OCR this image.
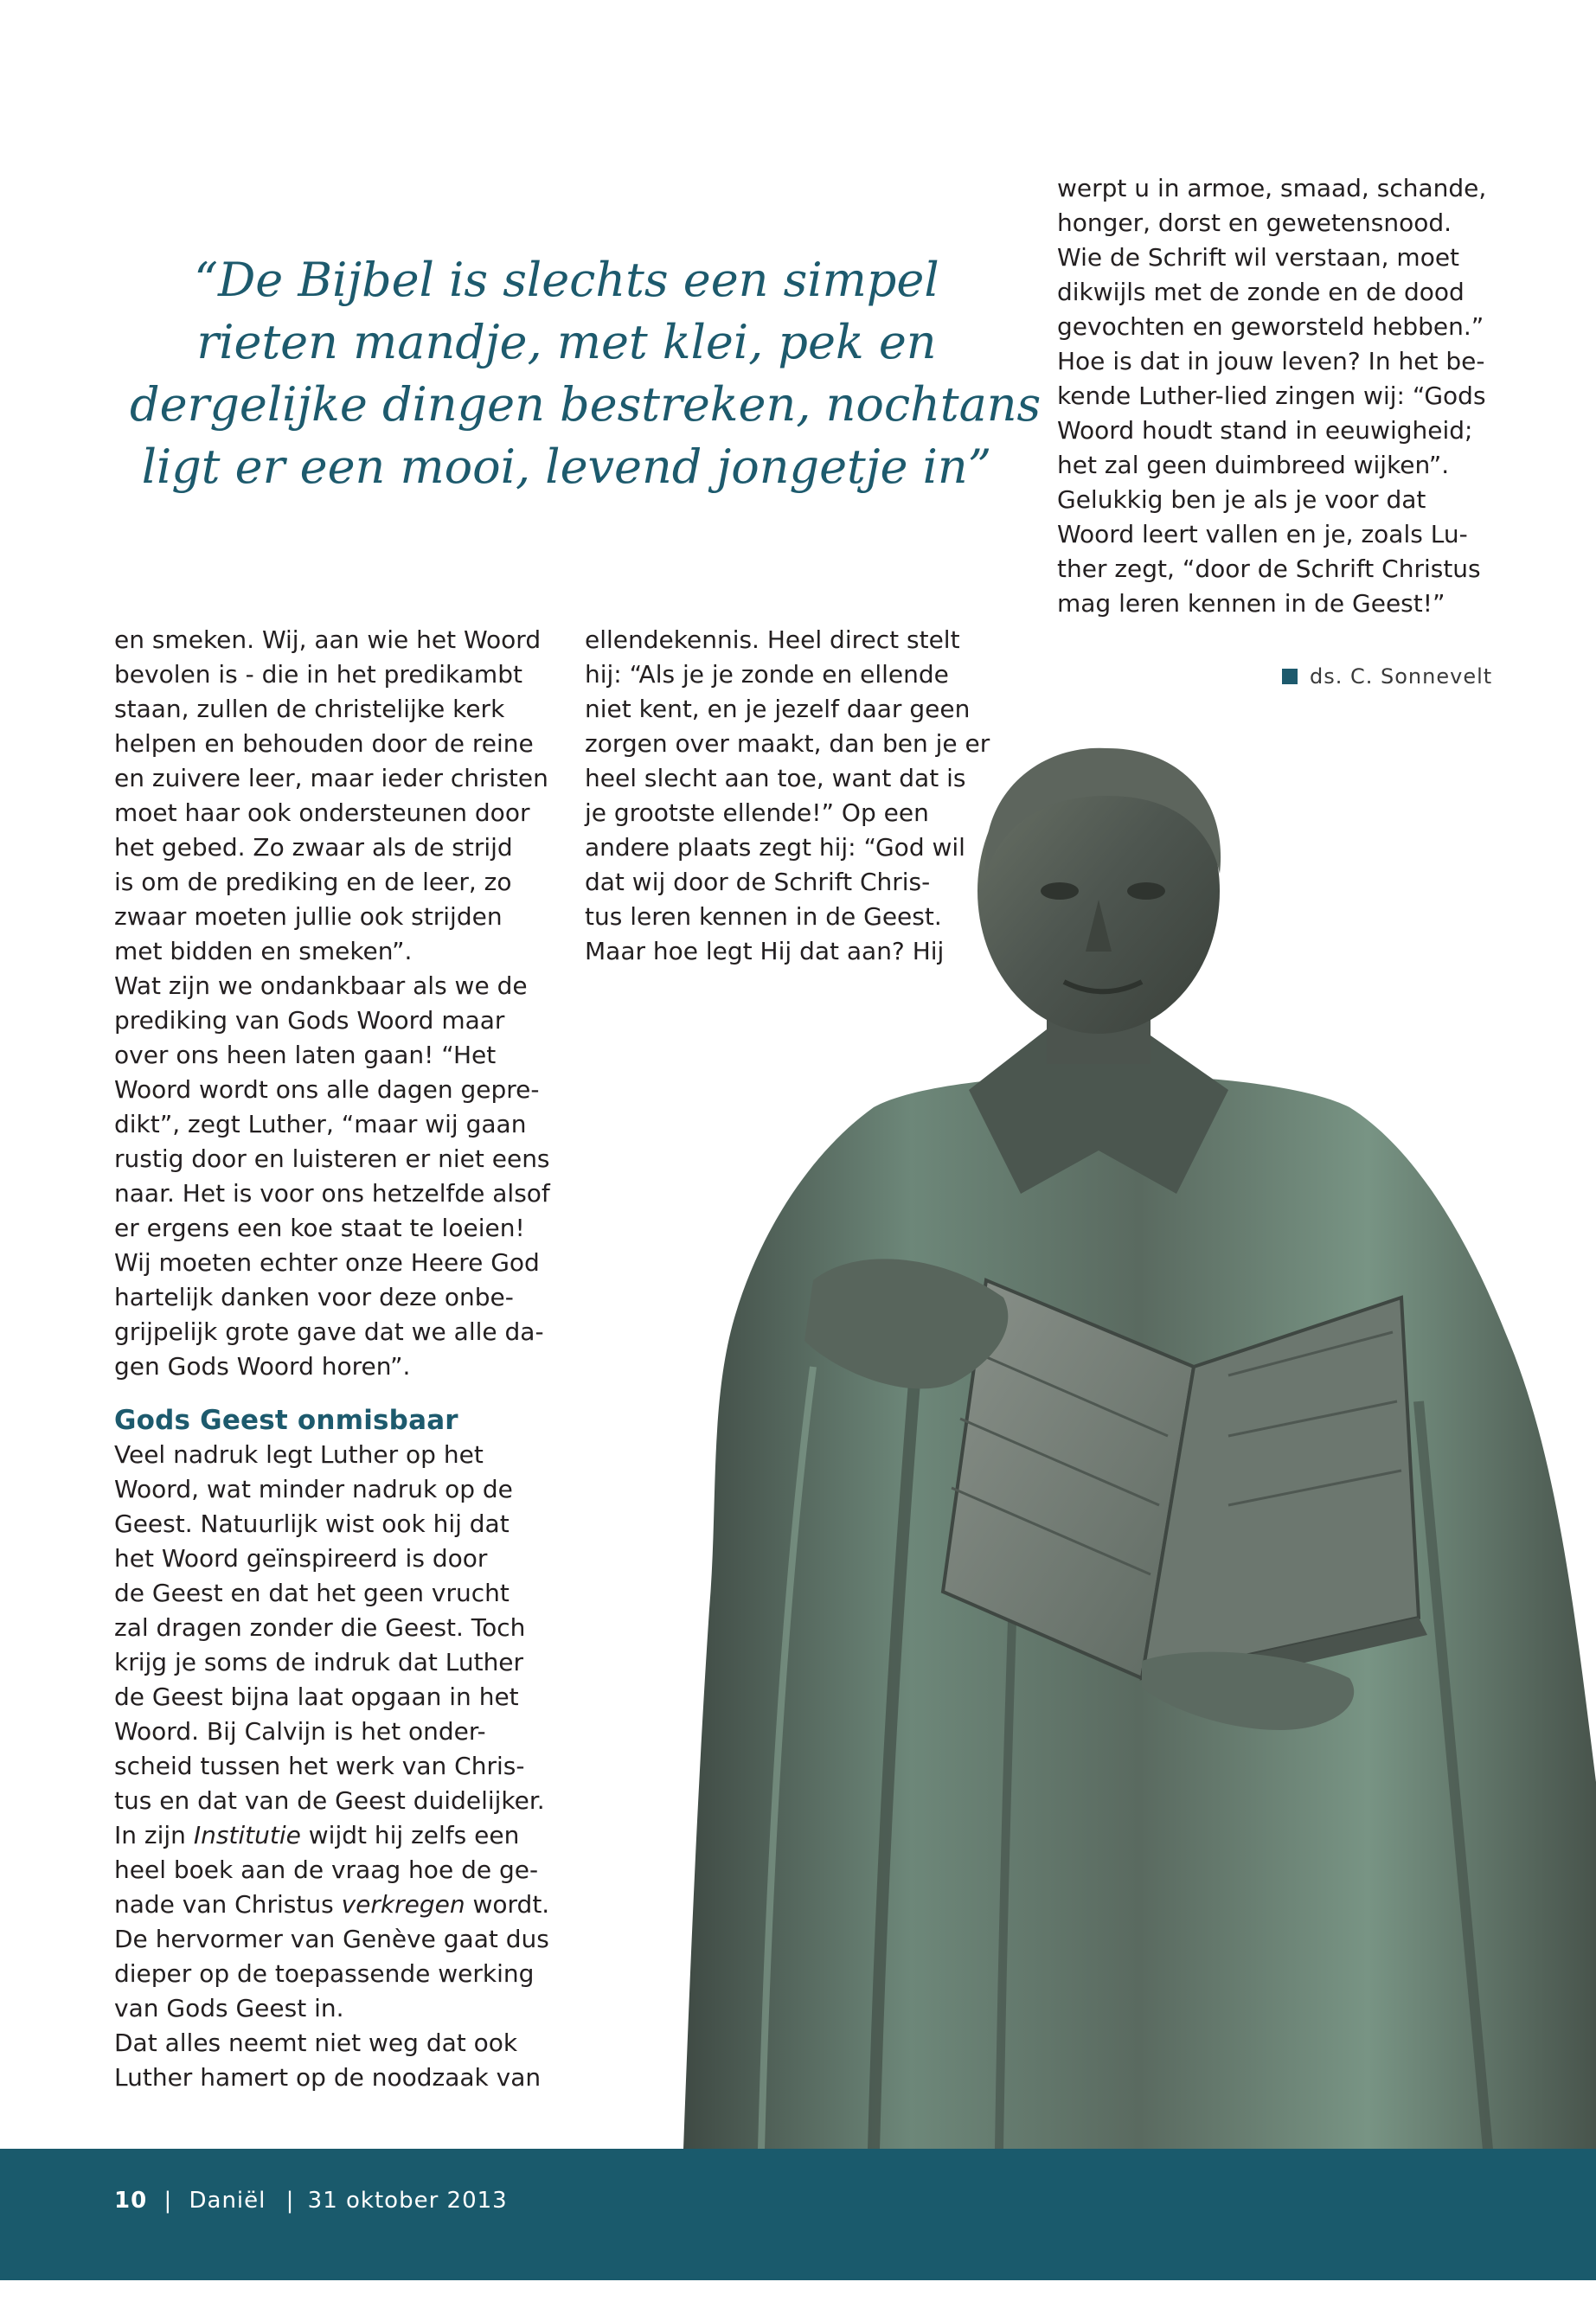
“De Bijbel is slechts een simpel
rieten mandje, met klei, pek en
dergelijke dingen bestreken, nochtans
ligt er een mooi, levend jongetje in”
en smeken. Wij, aan wie het Woord
bevolen is - die in het predikambt
staan, zullen de christelijke kerk
helpen en behouden door de reine
en zuivere leer, maar ieder christen
moet haar ook ondersteunen door
het gebed. Zo zwaar als de strijd
is om de prediking en de leer, zo
zwaar moeten jullie ook strijden
met bidden en smeken”.
Wat zijn we ondankbaar als we de
prediking van Gods Woord maar
over ons heen laten gaan! “Het
Woord wordt ons alle dagen gepre-
dikt”, zegt Luther, “maar wij gaan
rustig door en luisteren er niet eens
naar. Het is voor ons hetzelfde alsof
er ergens een koe staat te loeien!
Wij moeten echter onze Heere God
hartelijk danken voor deze onbe-
grijpelijk grote gave dat we alle da-
gen Gods Woord horen”.
Gods Geest onmisbaar
Veel nadruk legt Luther op het
Woord, wat minder nadruk op de
Geest. Natuurlijk wist ook hij dat
het Woord geïnspireerd is door
de Geest en dat het geen vrucht
zal dragen zonder die Geest. Toch
krijg je soms de indruk dat Luther
de Geest bijna laat opgaan in het
Woord. Bij Calvijn is het onder-
scheid tussen het werk van Chris-
tus en dat van de Geest duidelijker.
In zijn Institutie wijdt hij zelfs een
heel boek aan de vraag hoe de ge-
nade van Christus verkregen wordt.
De hervormer van Genève gaat dus
dieper op de toepassende werking
van Gods Geest in.
Dat alles neemt niet weg dat ook
Luther hamert op de noodzaak van
ellendekennis. Heel direct stelt
hij: “Als je je zonde en ellende
niet kent, en je jezelf daar geen
zorgen over maakt, dan ben je er
heel slecht aan toe, want dat is
je grootste ellende!” Op een
andere plaats zegt hij: “God wil
dat wij door de Schrift Chris-
tus leren kennen in de Geest.
Maar hoe legt Hij dat aan? Hij
werpt u in armoe, smaad, schande,
honger, dorst en gewetensnood.
Wie de Schrift wil verstaan, moet
dikwijls met de zonde en de dood
gevochten en geworsteld hebben.”
Hoe is dat in jouw leven? In het be-
kende Luther-lied zingen wij: “Gods
Woord houdt stand in eeuwigheid;
het zal geen duimbreed wijken”.
Gelukkig ben je als je voor dat
Woord leert vallen en je, zoals Lu-
ther zegt, “door de Schrift Christus
mag leren kennen in de Geest!”
ds. C. Sonnevelt
10 | Daniël | 31 oktober 2013
